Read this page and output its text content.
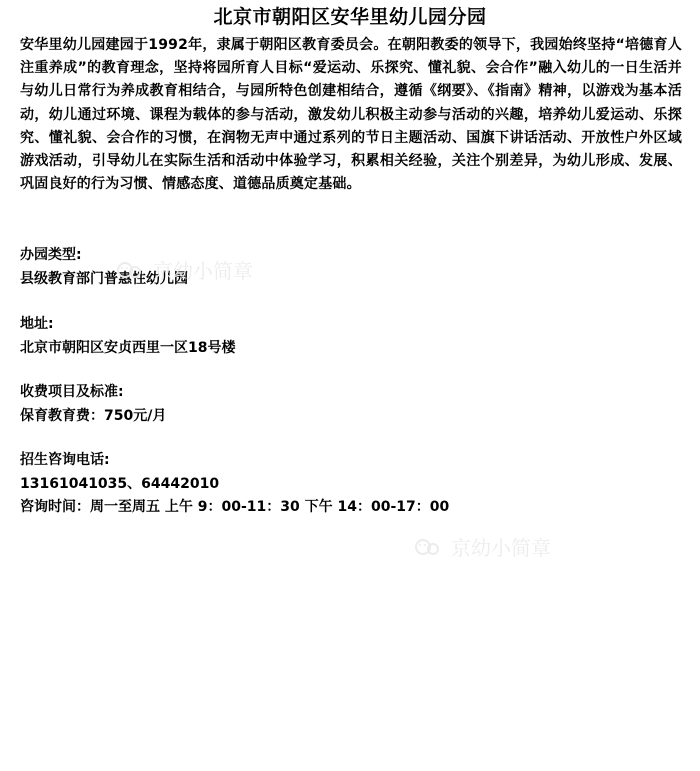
北京市朝阳区安华里幼儿园分园
安华里幼儿园建园于1992年，隶属于朝阳区教育委员会。在朝阳教委的领导下，我园始终坚持“培德育人 注重养成”的教育理念，坚持将园所育人目标“爱运动、乐探究、懂礼貌、会合作”融入幼儿的一日生活并与幼儿日常行为养成教育相结合，与园所特色创建相结合，遵循《纲要》、《指南》精神，以游戏为基本活动，幼儿通过环境、课程为载体的参与活动，激发幼儿积极主动参与活动的兴趣，培养幼儿爱运动、乐探究、懂礼貌、会合作的习惯，在润物无声中通过系列的节日主题活动、国旗下讲话活动、开放性户外区域游戏活动，引导幼儿在实际生活和活动中体验学习，积累相关经验，关注个别差异，为幼儿形成、发展、巩固良好的行为习惯、情感态度、道德品质奠定基础。
办园类型:
县级教育部门普惠性幼儿园
地址:
北京市朝阳区安贞西里一区18号楼
收费项目及标准:
保育教育费：750元/月
招生咨询电话:
13161041035、64442010
咨询时间：周一至周五 上午 9：00-11：30 下午 14：00-17：00
京幼小简章
京幼小简章
